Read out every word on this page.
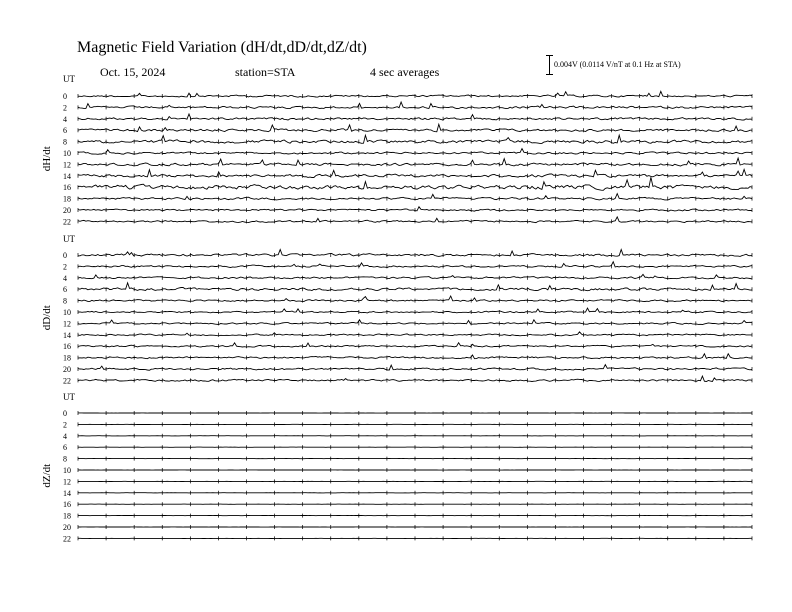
Magnetic Field Variation (dH/dt,dD/dt,dZ/dt)
Oct. 15, 2024	station=STA	4 sec averages
0.004V (0.0114 V/nT at 0.1 Hz at STA)
UT
dH/dt
0
2
4
6
8
10
12
14
16
18
20
22
UT
dD/dt
0
2
4
6
8
10
12
14
16
18
20
22
UT
dZ/dt
0
2
4
6
8
10
12
14
16
18
20
22
